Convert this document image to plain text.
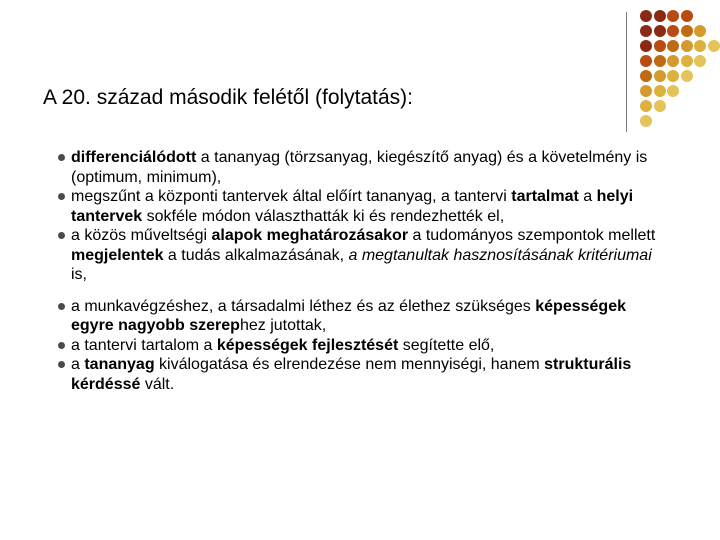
A 20. század második felétől (folytatás):
differenciálódott a tananyag (törzsanyag, kiegészítő anyag) és a követelmény is (optimum, minimum),
megszűnt a központi tantervek által előírt tananyag, a tantervi tartalmat a helyi tantervek sokféle módon választhatták ki és rendezhették el,
a közös műveltségi alapok meghatározásakor a tudományos szempontok mellett megjelentek a tudás alkalmazásának, a megtanultak hasznosításának kritériumai is,
a munkavégzéshez, a társadalmi léthez és az élethez szükséges képességek egyre nagyobb szerephez jutottak,
a tantervi tartalom a képességek fejlesztését segítette elő,
a tananyag kiválogatása és elrendezése nem mennyiségi, hanem strukturális kérdéssé vált.
